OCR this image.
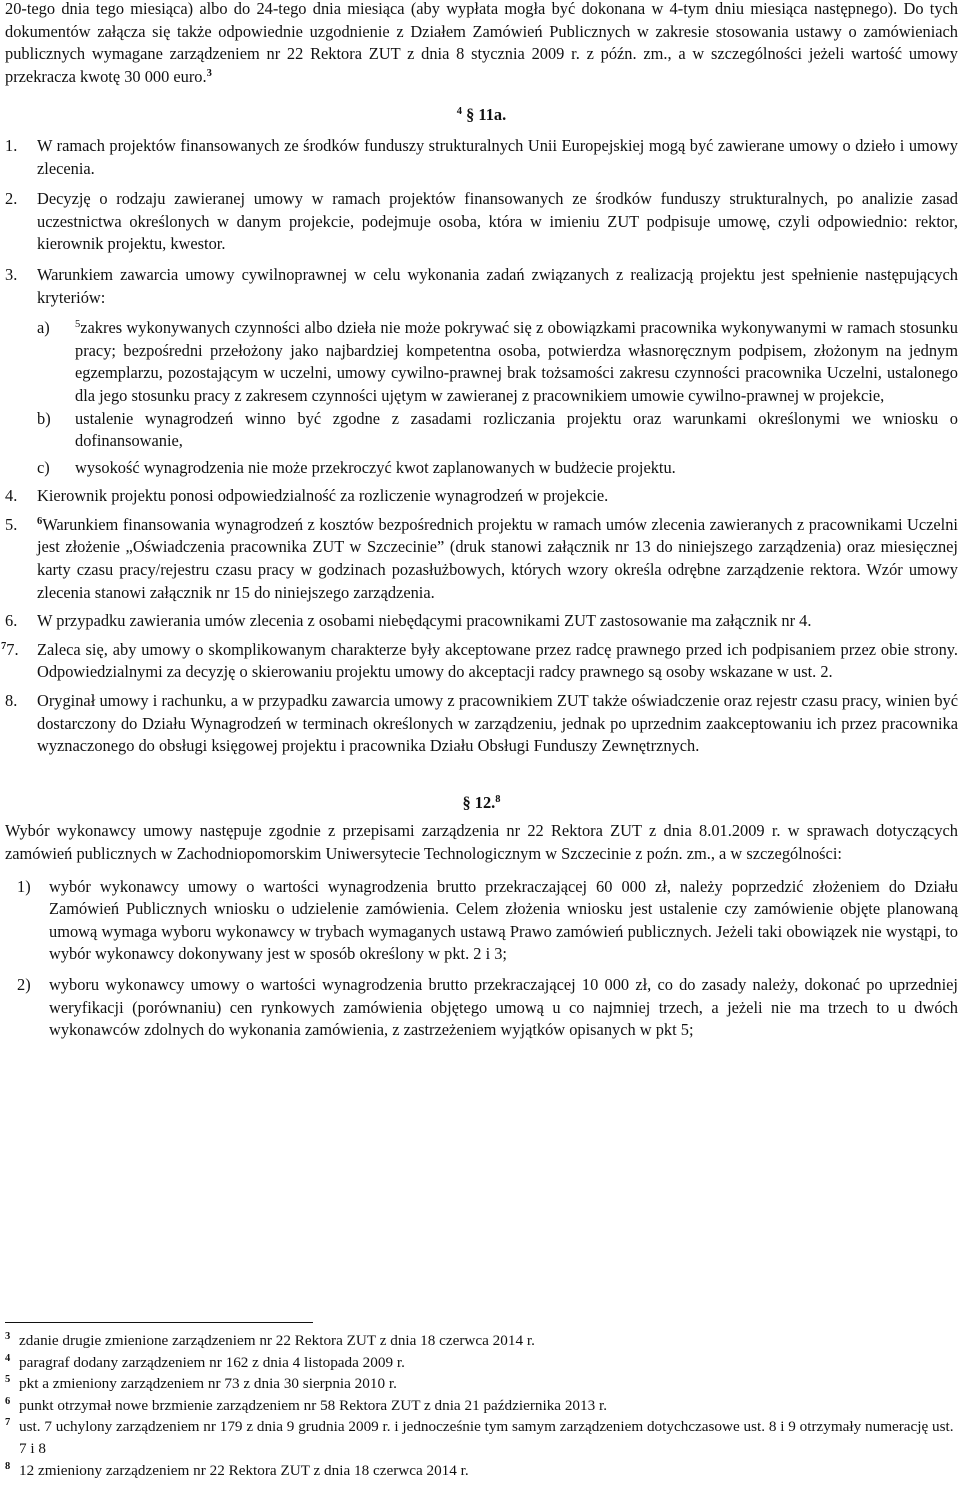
20-tego dnia tego miesiąca) albo do 24-tego dnia miesiąca (aby wypłata mogła być dokonana w 4-tym dniu miesiąca następnego). Do tych dokumentów załącza się także odpowiednie uzgodnienie z Działem Zamówień Publicznych w zakresie stosowania ustawy o zamówieniach publicznych wymagane zarządzeniem nr 22 Rektora ZUT z dnia 8 stycznia 2009 r. z późn. zm., a w szczególności jeżeli wartość umowy przekracza kwotę 30 000 euro.$^3$

$^4$ § 11a.

1.	W ramach projektów finansowanych ze środków funduszy strukturalnych Unii Europejskiej mogą być zawierane umowy o dzieło i umowy zlecenia.
2.	Decyzję o rodzaju zawieranej umowy w ramach projektów finansowanych ze środków funduszy strukturalnych, po analizie zasad uczestnictwa określonych w danym projekcie, podejmuje osoba, która w imieniu ZUT podpisuje umowę, czyli odpowiednio: rektor, kierownik projektu, kwestor.
3.	Warunkiem zawarcia umowy cywilnoprawnej w celu wykonania zadań związanych z realizacją projektu jest spełnienie następujących kryteriów:
a)	$^5$zakres wykonywanych czynności albo dzieła nie może pokrywać się z obowiązkami pracownika wykonywanymi w ramach stosunku pracy; bezpośredni przełożony jako najbardziej kompetentna osoba, potwierdza własnoręcznym podpisem, złożonym na jednym egzemplarzu, pozostającym w uczelni, umowy cywilno-prawnej brak tożsamości zakresu czynności pracownika Uczelni, ustalonego dla jego stosunku pracy z zakresem czynności ujętym w zawieranej z pracownikiem umowie cywilno-prawnej w projekcie,
b)	ustalenie wynagrodzeń winno być zgodne z zasadami rozliczania projektu oraz warunkami określonymi we wniosku o dofinansowanie,
c)	wysokość wynagrodzenia nie może przekroczyć kwot zaplanowanych w budżecie projektu.
4.	Kierownik projektu ponosi odpowiedzialność za rozliczenie wynagrodzeń w projekcie.
5.	$^6$Warunkiem finansowania wynagrodzeń z kosztów bezpośrednich projektu w ramach umów zlecenia zawieranych z pracownikami Uczelni jest złożenie „Oświadczenia pracownika ZUT w Szczecinie” (druk stanowi załącznik nr 13 do niniejszego zarządzenia) oraz miesięcznej karty czasu pracy/rejestru czasu pracy w godzinach pozasłużbowych, których wzory określa odrębne zarządzenie rektora. Wzór umowy zlecenia stanowi załącznik nr 15 do niniejszego zarządzenia.
6.	W przypadku zawierania umów zlecenia z osobami niebędącymi pracownikami ZUT zastosowanie ma załącznik nr 4.
$^7$7.	Zaleca się, aby umowy o skomplikowanym charakterze były akceptowane przez radcę prawnego przed ich podpisaniem przez obie strony. Odpowiedzialnymi za decyzję o skierowaniu projektu umowy do akceptacji radcy prawnego są osoby wskazane w ust. 2.
8.	Oryginał umowy i rachunku, a w przypadku zawarcia umowy z pracownikiem ZUT także oświadczenie oraz rejestr czasu pracy, winien być dostarczony do Działu Wynagrodzeń w terminach określonych w zarządzeniu, jednak po uprzednim zaakceptowaniu ich przez pracownika wyznaczonego do obsługi księgowej projektu i pracownika Działu Obsługi Funduszy Zewnętrznych.

§ 12.$^8$

Wybór wykonawcy umowy następuje zgodnie z przepisami zarządzenia nr 22 Rektora ZUT z dnia 8.01.2009 r. w sprawach dotyczących zamówień publicznych w Zachodniopomorskim Uniwersytecie Technologicznym w Szczecinie z poźn. zm., a w szczególności:

1)	wybór wykonawcy umowy o wartości wynagrodzenia brutto przekraczającej 60 000 zł, należy poprzedzić złożeniem do Działu Zamówień Publicznych wniosku o udzielenie zamówienia. Celem złożenia wniosku jest ustalenie czy zamówienie objęte planowaną umową wymaga wyboru wykonawcy w trybach wymaganych ustawą Prawo zamówień publicznych. Jeżeli taki obowiązek nie wystąpi, to wybór wykonawcy dokonywany jest w sposób określony w pkt. 2 i 3;
2)	wyboru wykonawcy umowy o wartości wynagrodzenia brutto przekraczającej 10 000 zł, co do zasady należy, dokonać po uprzedniej weryfikacji (porównaniu) cen rynkowych zamówienia objętego umową u co najmniej trzech, a jeżeli nie ma trzech to u dwóch wykonawców zdolnych do wykonania zamówienia, z zastrzeżeniem wyjątków opisanych w pkt 5;
3 zdanie drugie zmienione zarządzeniem nr 22 Rektora ZUT z dnia 18 czerwca 2014 r.
4 paragraf dodany zarządzeniem nr 162 z dnia 4 listopada 2009 r.
5 pkt a zmieniony zarządzeniem nr 73 z dnia 30 sierpnia 2010 r.
6 punkt otrzymał nowe brzmienie zarządzeniem nr 58 Rektora ZUT z dnia 21 października 2013 r.
7 ust. 7 uchylony zarządzeniem nr 179 z dnia 9 grudnia 2009 r. i jednocześnie tym samym zarządzeniem dotychczasowe ust. 8 i 9 otrzymały numerację ust. 7 i 8
8 12 zmieniony zarządzeniem nr 22 Rektora ZUT z dnia 18 czerwca 2014 r.
